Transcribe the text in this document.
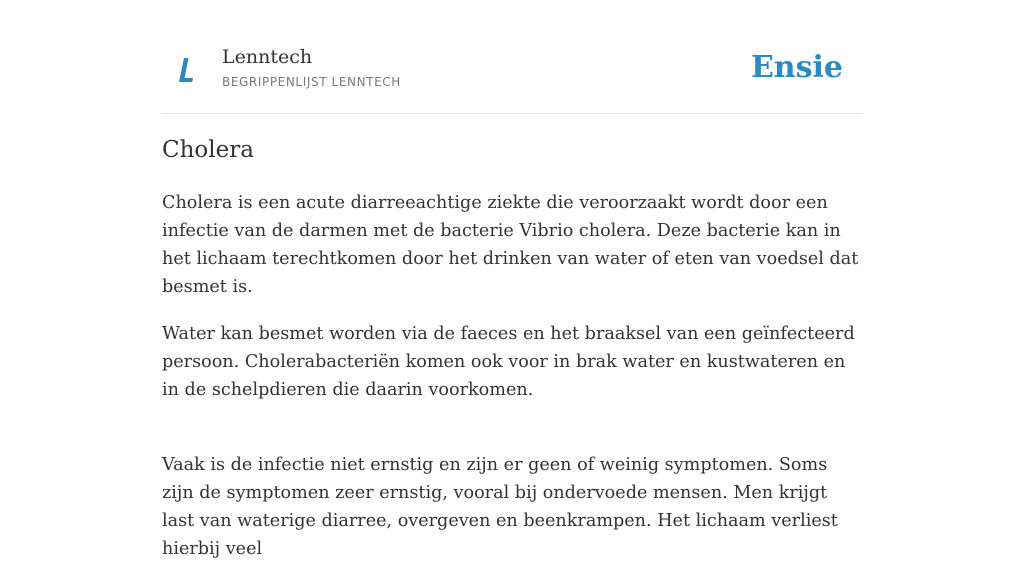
Lenntech
BEGRIPPENLIJST LENNTECH	Ensie
Cholera

Cholera is een acute diarreeachtige ziekte die veroorzaakt wordt door een infectie van de darmen met de bacterie Vibrio cholera. Deze bacterie kan in het lichaam terechtkomen door het drinken van water of eten van voedsel dat besmet is.

Water kan besmet worden via de faeces en het braaksel van een geïnfecteerd persoon. Cholerabacteriën komen ook voor in brak water en kustwateren en in de schelpdieren die daarin voorkomen.

Vaak is de infectie niet ernstig en zijn er geen of weinig symptomen. Soms zijn de symptomen zeer ernstig, vooral bij ondervoede mensen. Men krijgt last van waterige diarree, overgeven en beenkrampen. Het lichaam verliest hierbij veel
